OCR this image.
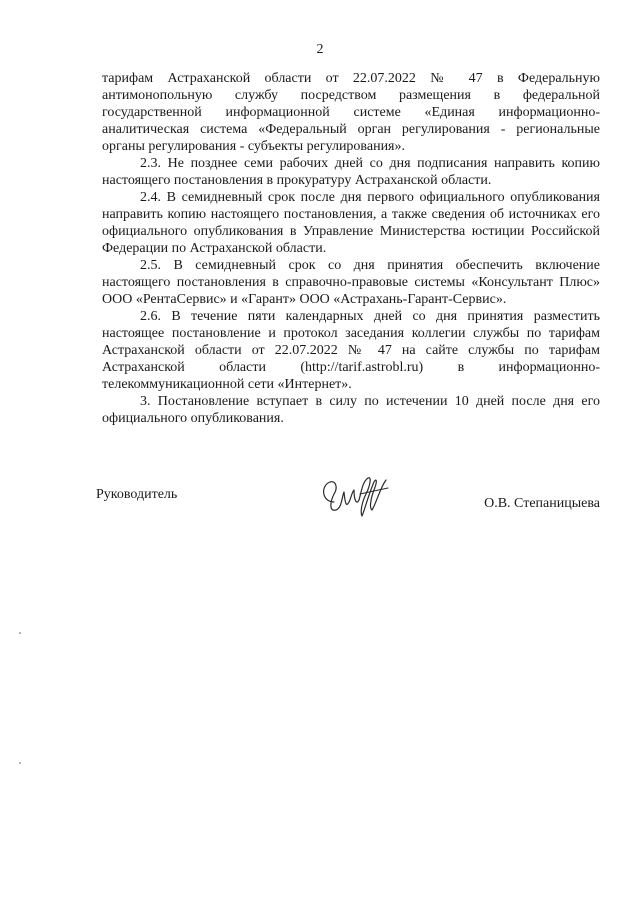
2

тарифам Астраханской области от 22.07.2022 № 47 в Федеральную антимонопольную службу посредством размещения в федеральной государственной информационной системе «Единая информационно-аналитическая система «Федеральный орган регулирования - региональные органы регулирования - субъекты регулирования».

2.3. Не позднее семи рабочих дней со дня подписания направить копию настоящего постановления в прокуратуру Астраханской области.

2.4. В семидневный срок после дня первого официального опубликования направить копию настоящего постановления, а также сведения об источниках его официального опубликования в Управление Министерства юстиции Российской Федерации по Астраханской области.

2.5. В семидневный срок со дня принятия обеспечить включение настоящего постановления в справочно-правовые системы «Консультант Плюс» ООО «РентаСервис» и «Гарант» ООО «Астрахань-Гарант-Сервис».

2.6. В течение пяти календарных дней со дня принятия разместить настоящее постановление и протокол заседания коллегии службы по тарифам Астраханской области от 22.07.2022 № 47 на сайте службы по тарифам Астраханской области (http://tarif.astrobl.ru) в информационно-телекоммуникационной сети «Интернет».

3. Постановление вступает в силу по истечении 10 дней после дня его официального опубликования.

Руководитель
О.В. Степаницыева
